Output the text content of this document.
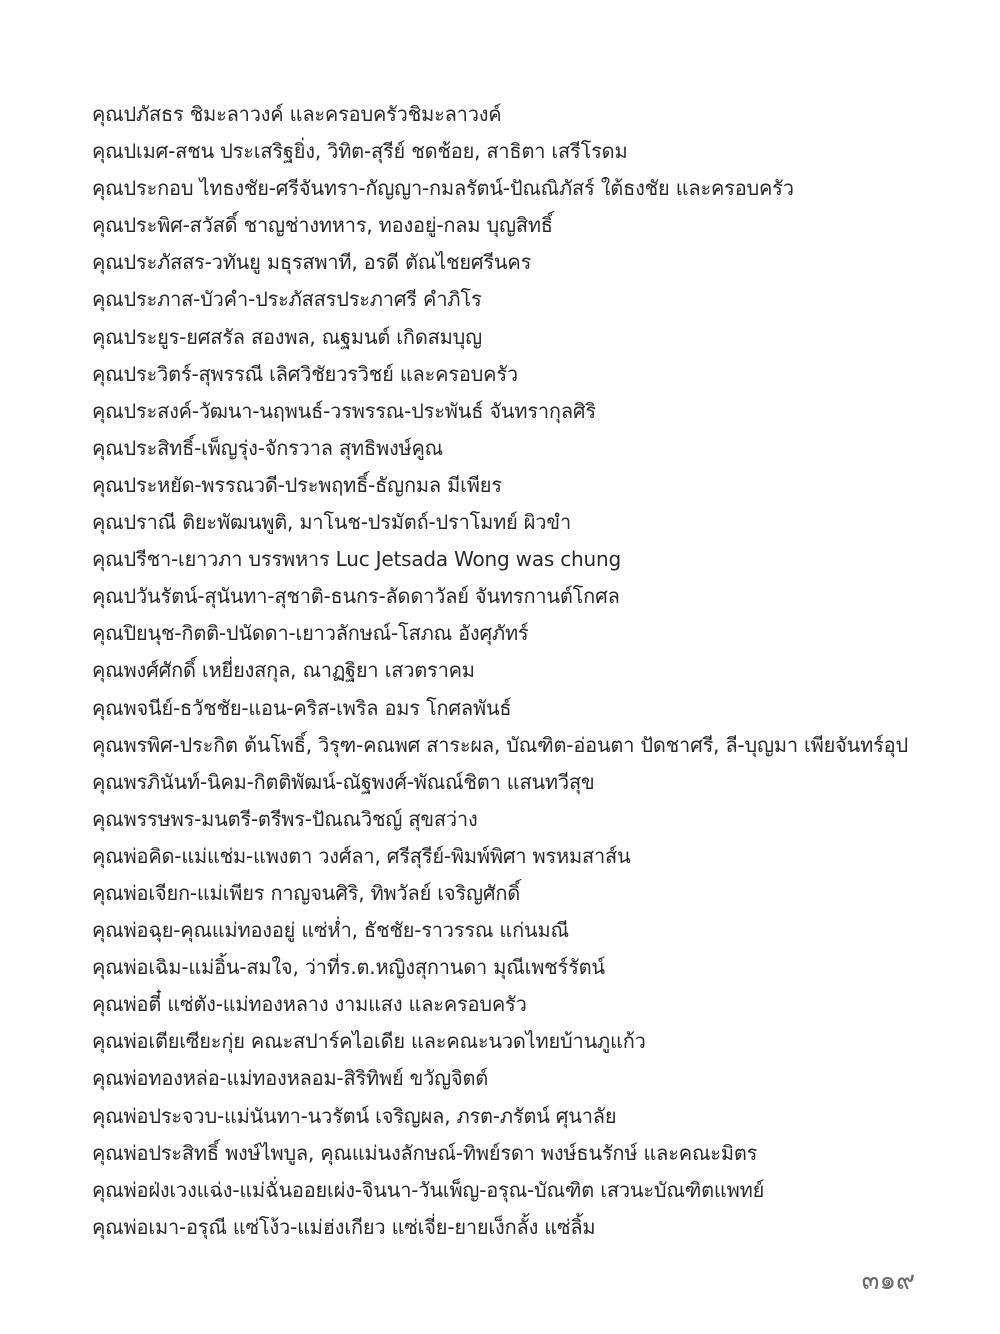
คุณปภัสธร ชิมะลาวงค์ และครอบครัวชิมะลาวงค์
คุณปเมศ-สชน ประเสริฐยิ่ง, วิทิต-สุรีย์ ชดช้อย, สาธิตา เสรีโรดม
คุณประกอบ ไทธงชัย-ศรีจันทรา-กัญญา-กมลรัตน์-ปัณณิภัสร์ ใต้ธงชัย และครอบครัว
คุณประพิศ-สวัสดิ์ ชาญช่างทหาร, ทองอยู่-กลม บุญสิทธิ์
คุณประภัสสร-วทันยู มธุรสพาที, อรดี ตัณไชยศรีนคร
คุณประภาส-บัวคำ-ประภัสสรประภาศรี คำภิโร
คุณประยูร-ยศสรัล สองพล, ณฐมนต์ เกิดสมบุญ
คุณประวิตร์-สุพรรณี เลิศวิชัยวรวิชย์ และครอบครัว
คุณประสงค์-วัฒนา-นฤพนธ์-วรพรรณ-ประพันธ์ จันทรากุลศิริ
คุณประสิทธิ์-เพ็ญรุ่ง-จักรวาล สุทธิพงษ์คูณ
คุณประหยัด-พรรณวดี-ประพฤทธิ์-ธัญกมล มีเพียร
คุณปราณี ติยะพัฒนพูติ, มาโนช-ปรมัตถ์-ปราโมทย์ ผิวขำ
คุณปรีชา-เยาวภา บรรพหาร Luc Jetsada Wong was chung
คุณปวันรัตน์-สุนันทา-สุชาติ-ธนกร-ลัดดาวัลย์ จันทรกานต์โกศล
คุณปิยนุช-กิตติ-ปนัดดา-เยาวลักษณ์-โสภณ อังศุภัทร์
คุณพงศ์ศักดิ์ เหยี่ยงสกุล, ณาฏฐิยา เสวตราคม
คุณพจนีย์-ธวัชชัย-แอน-คริส-เพริล อมร โกศลพันธ์
คุณพรพิศ-ประกิต ต้นโพธิ์, วิรุฑ-คณพศ สาระผล, บัณฑิต-อ่อนตา ปัดชาศรี, ลี-บุญมา เพียจันทร์อุป
คุณพรภินันท์-นิคม-กิตติพัฒน์-ณัฐพงศ์-พัณณ์ชิตา แสนทวีสุข
คุณพรรษพร-มนตรี-ตรีพร-ปัณณวิชญ์ สุขสว่าง
คุณพ่อคิด-แม่แช่ม-แพงตา วงศ์ลา, ศรีสุรีย์-พิมพ์พิศา พรหมสาส์น
คุณพ่อเจียก-แม่เพียร กาญจนศิริ, ทิพวัลย์ เจริญศักดิ์
คุณพ่อฉุย-คุณแม่ทองอยู่ แซ่ห่ำ, ธัชชัย-ราวรรณ แก่นมณี
คุณพ่อเฉิม-แม่อิ้น-สมใจ, ว่าที่ร.ต.หญิงสุกานดา มุณีเพชร์รัตน์
คุณพ่อตี๋ แซ่ตัง-แม่ทองหลาง งามแสง และครอบครัว
คุณพ่อเตียเซียะกุ่ย คณะสปาร์คไอเดีย และคณะนวดไทยบ้านภูแก้ว
คุณพ่อทองหล่อ-แม่ทองหลอม-สิริทิพย์ ขวัญจิตต์
คุณพ่อประจวบ-แม่นันทา-นวรัตน์ เจริญผล, ภรต-ภรัตน์ ศุนาลัย
คุณพ่อประสิทธิ์ พงษ์ไพบูล, คุณแม่นงลักษณ์-ทิพย์รดา พงษ์ธนรักษ์ และคณะมิตร
คุณพ่อฝ่งเวงแฉ่ง-แม่ฉั่นออยเผ่ง-จินนา-วันเพ็ญ-อรุณ-บัณฑิต เสวนะบัณฑิตแพทย์
คุณพ่อเมา-อรุณี แซ่โง้ว-แม่ฮ่งเกียว แซ่เจี่ย-ยายเง็กลั้ง แซ่ลิ้ม
๓๑๙
